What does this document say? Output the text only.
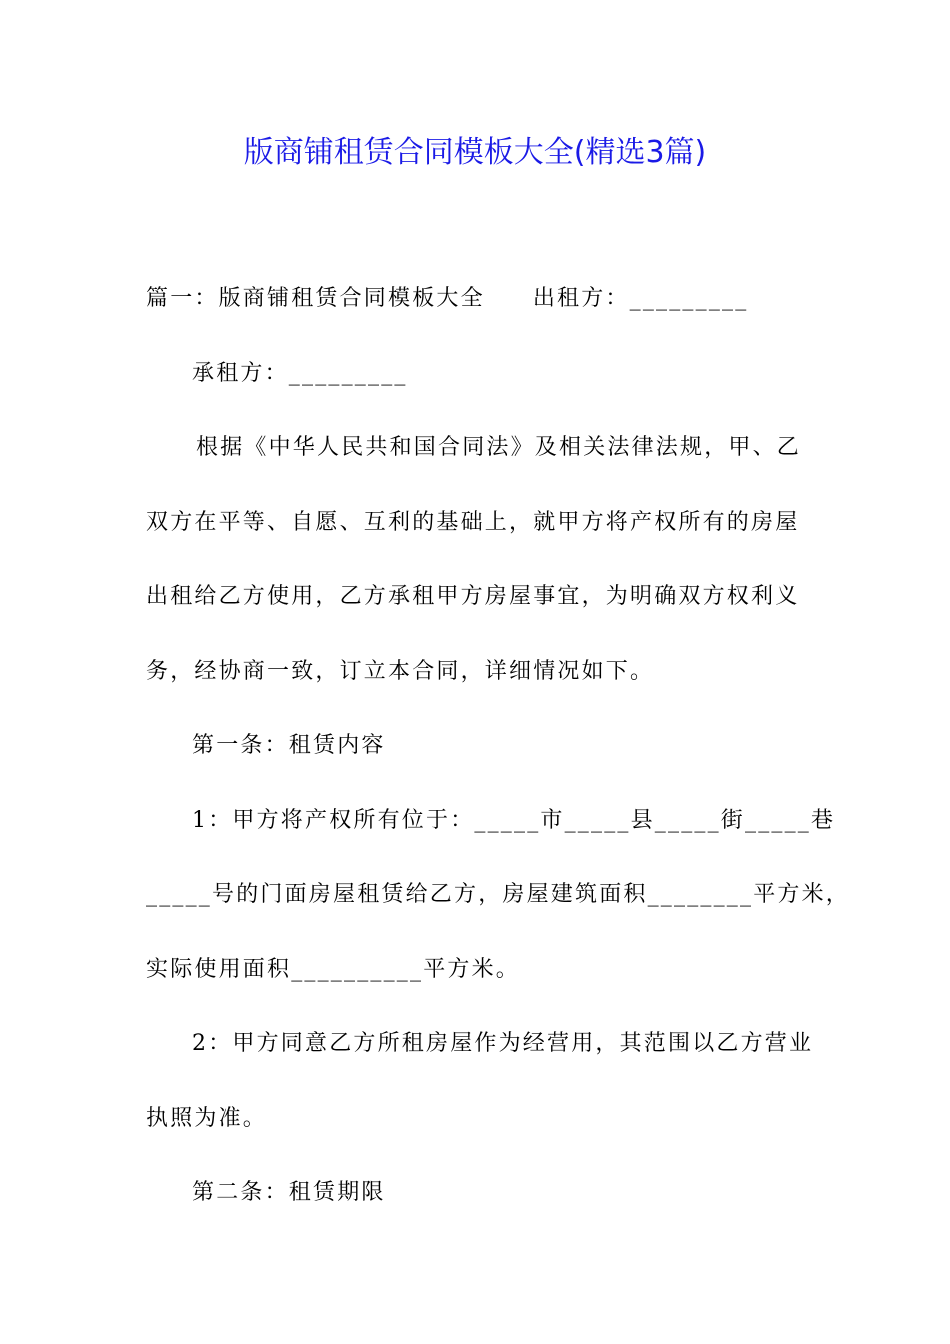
版商铺租赁合同模板大全(精选3篇)

篇一：版商铺租赁合同模板大全 出租方：_________

承租方：_________

根据《中华人民共和国合同法》及相关法律法规，甲、乙

双方在平等、自愿、互利的基础上，就甲方将产权所有的房屋

出租给乙方使用，乙方承租甲方房屋事宜，为明确双方权利义

务，经协商一致，订立本合同，详细情况如下。

第一条：租赁内容

1：甲方将产权所有位于：_____市_____县_____街_____巷

_____号的门面房屋租赁给乙方，房屋建筑面积________平方米，

实际使用面积__________平方米。

2：甲方同意乙方所租房屋作为经营用，其范围以乙方营业

执照为准。

第二条：租赁期限
